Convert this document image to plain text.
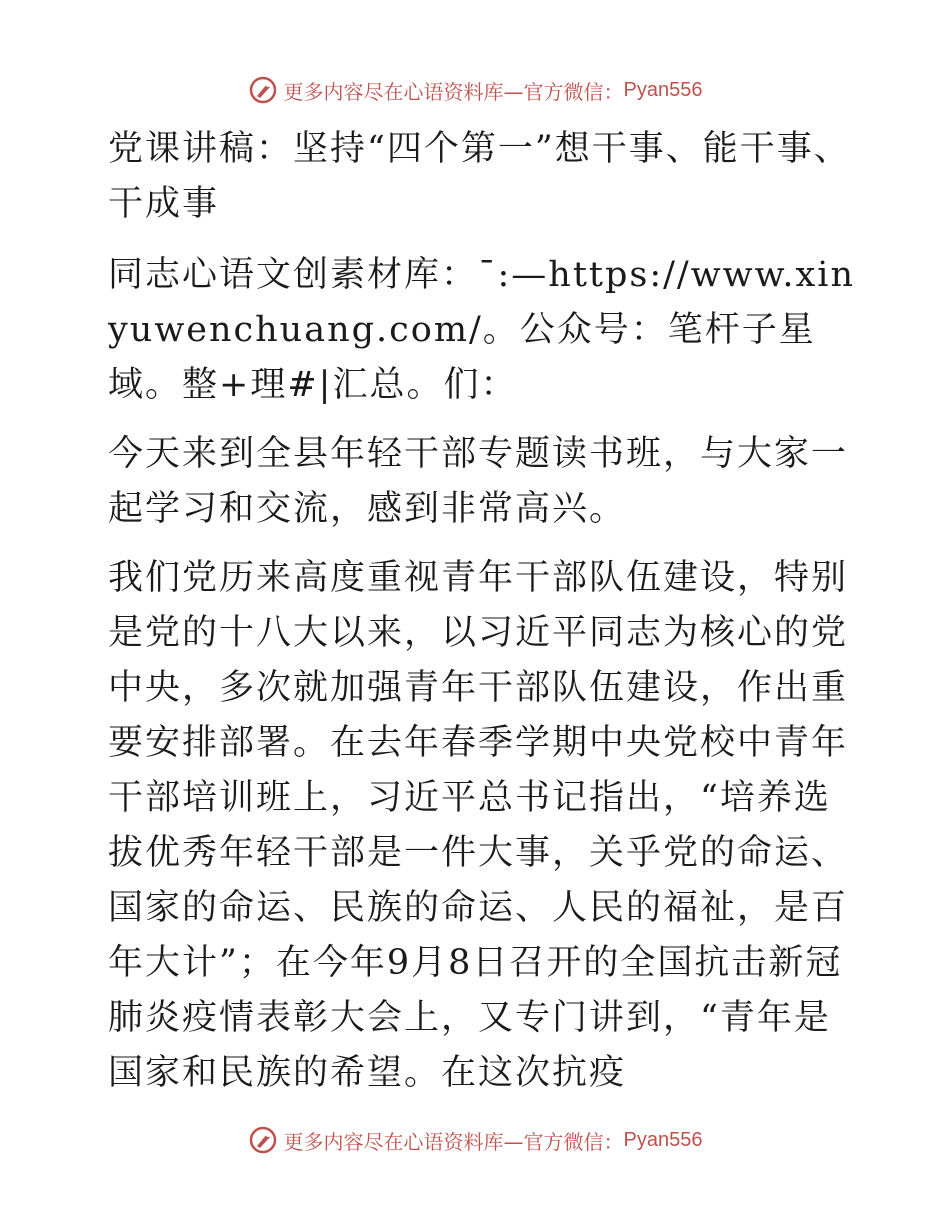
更多内容尽在心语资料库—官方微信： Pyan556

党课讲稿：坚持“四个第一”想干事、能干事、干成事

同志心语文创素材库：¯:—https://www.xinyuwenchuang.com/。公众号：笔杆子星域。整+理#|汇总。们：

今天来到全县年轻干部专题读书班，与大家一起学习和交流，感到非常高兴。

我们党历来高度重视青年干部队伍建设，特别是党的十八大以来，以习近平同志为核心的党中央，多次就加强青年干部队伍建设，作出重要安排部署。在去年春季学期中央党校中青年干部培训班上，习近平总书记指出，“培养选拔优秀年轻干部是一件大事，关乎党的命运、国家的命运、民族的命运、人民的福祉，是百年大计”；在今年9月8日召开的全国抗击新冠肺炎疫情表彰大会上，又专门讲到，“青年是国家和民族的希望。在这次抗疫

更多内容尽在心语资料库—官方微信： Pyan556
